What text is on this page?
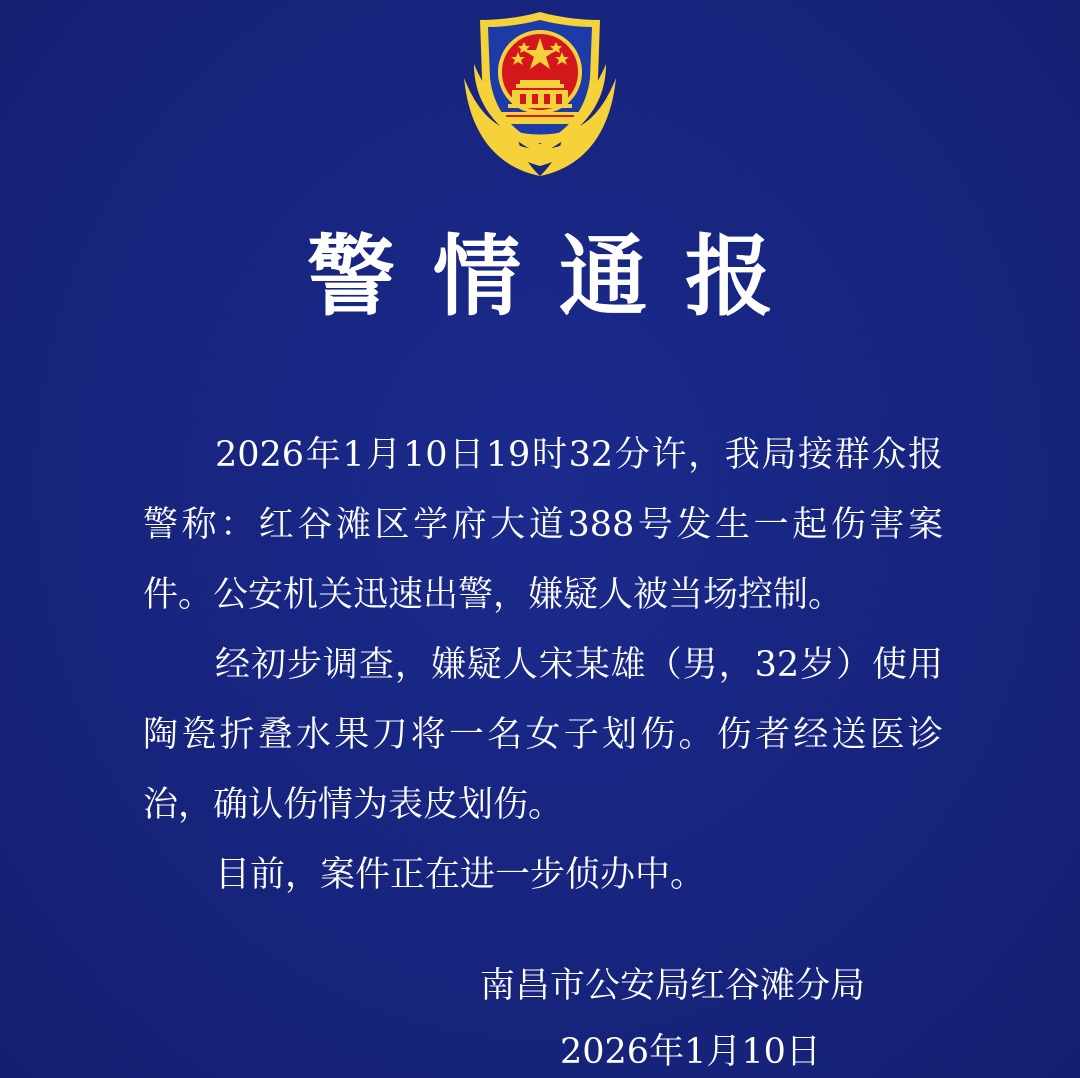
警情通报

2026年1月10日19时32分许，我局接群众报警称：红谷滩区学府大道388号发生一起伤害案件。公安机关迅速出警，嫌疑人被当场控制。

经初步调查，嫌疑人宋某雄（男，32岁）使用陶瓷折叠水果刀将一名女子划伤。伤者经送医诊治，确认伤情为表皮划伤。

目前，案件正在进一步侦办中。

南昌市公安局红谷滩分局
2026年1月10日
